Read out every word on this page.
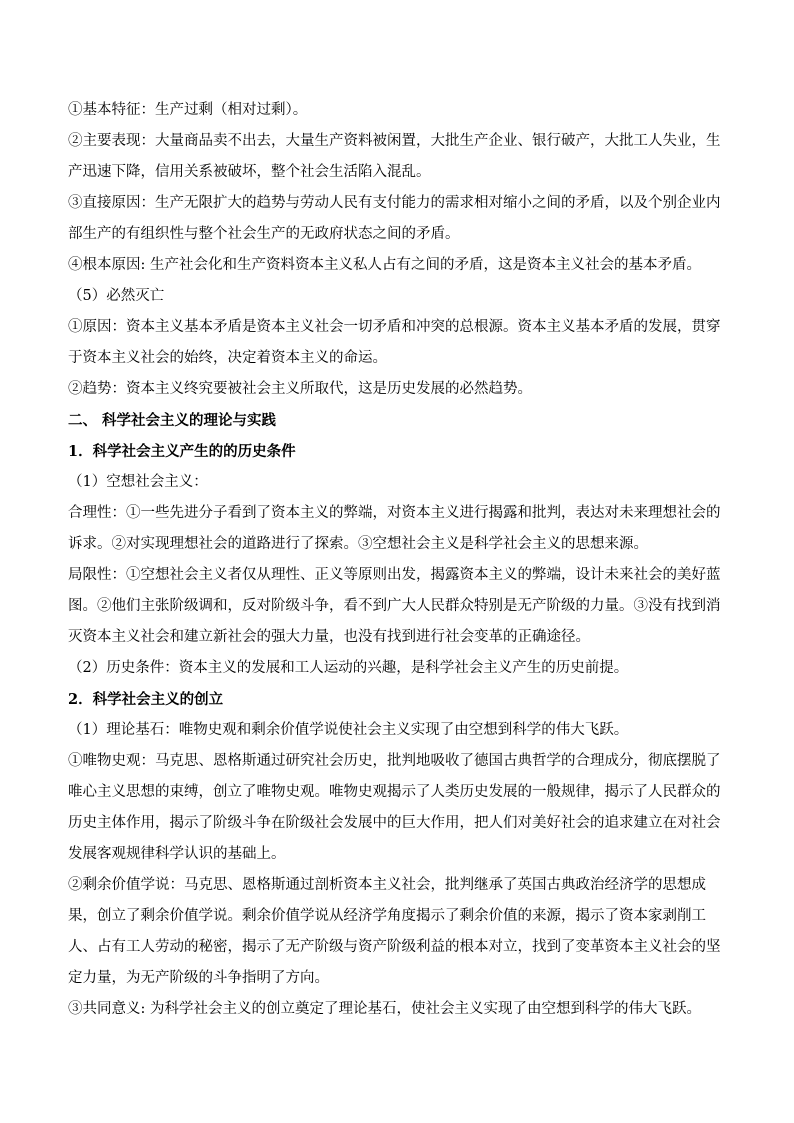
①基本特征：生产过剩（相对过剩）。

②主要表现：大量商品卖不出去，大量生产资料被闲置，大批生产企业、银行破产，大批工人失业，生产迅速下降，信用关系被破坏，整个社会生活陷入混乱。

③直接原因：生产无限扩大的趋势与劳动人民有支付能力的需求相对缩小之间的矛盾，以及个别企业内部生产的有组织性与整个社会生产的无政府状态之间的矛盾。

④根本原因: 生产社会化和生产资料资本主义私人占有之间的矛盾，这是资本主义社会的基本矛盾。

（5）必然灭亡

①原因：资本主义基本矛盾是资本主义社会一切矛盾和冲突的总根源。资本主义基本矛盾的发展，贯穿于资本主义社会的始终，决定着资本主义的命运。

②趋势：资本主义终究要被社会主义所取代，这是历史发展的必然趋势。

二、 科学社会主义的理论与实践

1．科学社会主义产生的的历史条件

（1）空想社会主义：

合理性：①一些先进分子看到了资本主义的弊端，对资本主义进行揭露和批判，表达对未来理想社会的诉求。②对实现理想社会的道路进行了探索。③空想社会主义是科学社会主义的思想来源。

局限性：①空想社会主义者仅从理性、正义等原则出发，揭露资本主义的弊端，设计未来社会的美好蓝图。②他们主张阶级调和，反对阶级斗争，看不到广大人民群众特别是无产阶级的力量。③没有找到消灭资本主义社会和建立新社会的强大力量，也没有找到进行社会变革的正确途径。

（2）历史条件：资本主义的发展和工人运动的兴趣，是科学社会主义产生的历史前提。

2．科学社会主义的创立

（1）理论基石：唯物史观和剩余价值学说使社会主义实现了由空想到科学的伟大飞跃。

①唯物史观：马克思、恩格斯通过研究社会历史，批判地吸收了德国古典哲学的合理成分，彻底摆脱了唯心主义思想的束缚，创立了唯物史观。唯物史观揭示了人类历史发展的一般规律，揭示了人民群众的历史主体作用，揭示了阶级斗争在阶级社会发展中的巨大作用，把人们对美好社会的追求建立在对社会发展客观规律科学认识的基础上。

②剩余价值学说：马克思、恩格斯通过剖析资本主义社会，批判继承了英国古典政治经济学的思想成果，创立了剩余价值学说。剩余价值学说从经济学角度揭示了剩余价值的来源，揭示了资本家剥削工人、占有工人劳动的秘密，揭示了无产阶级与资产阶级利益的根本对立，找到了变革资本主义社会的坚定力量，为无产阶级的斗争指明了方向。

③共同意义: 为科学社会主义的创立奠定了理论基石，使社会主义实现了由空想到科学的伟大飞跃。
